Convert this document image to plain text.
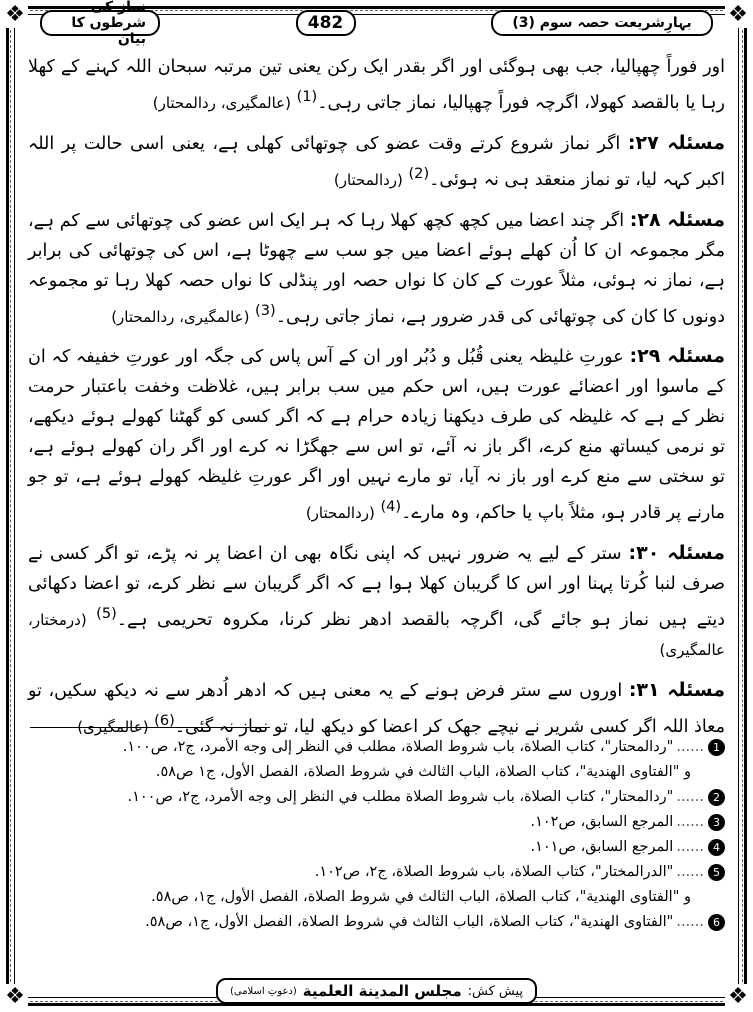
❖	❖
❖	❖
نماز کی شرطوں کا بیان
482	بہارِشریعت حصہ سوم (3)

اور فوراً چھپالیا، جب بھی ہوگئی اور اگر بقدر ایک رکن یعنی تین مرتبہ سبحان اللہ کہنے کے کھلا رہا یا بالقصد کھولا، اگرچہ فوراً چھپالیا، نماز جاتی رہی۔$^{(1)}$ (عالمگیری، ردالمحتار)

مسئلہ ۲۷: اگر نماز شروع کرتے وقت عضو کی چوتھائی کھلی ہے، یعنی اسی حالت پر اللہ اکبر کہہ لیا، تو نماز منعقد ہی نہ ہوئی۔$^{(2)}$ (ردالمحتار)

مسئلہ ۲۸: اگر چند اعضا میں کچھ کچھ کھلا رہا کہ ہر ایک اس عضو کی چوتھائی سے کم ہے، مگر مجموعہ ان کا اُن کھلے ہوئے اعضا میں جو سب سے چھوٹا ہے، اس کی چوتھائی کی برابر ہے، نماز نہ ہوئی، مثلاً عورت کے کان کا نواں حصہ اور پنڈلی کا نواں حصہ کھلا رہا تو مجموعہ دونوں کا کان کی چوتھائی کی قدر ضرور ہے، نماز جاتی رہی۔$^{(3)}$ (عالمگیری، ردالمحتار)

مسئلہ ۲۹: عورتِ غلیظہ یعنی قُبُل و دُبُر اور ان کے آس پاس کی جگہ اور عورتِ خفیفہ کہ ان کے ماسوا اور اعضائے عورت ہیں، اس حکم میں سب برابر ہیں، غلاظت وخفت باعتبار حرمت نظر کے ہے کہ غلیظہ کی طرف دیکھنا زیادہ حرام ہے کہ اگر کسی کو گھٹنا کھولے ہوئے دیکھے، تو نرمی کیساتھ منع کرے، اگر باز نہ آئے، تو اس سے جھگڑا نہ کرے اور اگر ران کھولے ہوئے ہے، تو سختی سے منع کرے اور باز نہ آیا، تو مارے نہیں اور اگر عورتِ غلیظہ کھولے ہوئے ہے، تو جو مارنے پر قادر ہو، مثلاً باپ یا حاکم، وہ مارے۔$^{(4)}$ (ردالمحتار)

مسئلہ ۳۰: ستر کے لیے یہ ضرور نہیں کہ اپنی نگاہ بھی ان اعضا پر نہ پڑے، تو اگر کسی نے صرف لنبا کُرتا پہنا اور اس کا گریبان کھلا ہوا ہے کہ اگر گریبان سے نظر کرے، تو اعضا دکھائی دیتے ہیں نماز ہو جائے گی، اگرچہ بالقصد ادھر نظر کرنا، مکروہ تحریمی ہے۔$^{(5)}$ (درمختار، عالمگیری)

مسئلہ ۳۱: اوروں سے ستر فرض ہونے کے یہ معنی ہیں کہ ادھر اُدھر سے نہ دیکھ سکیں، تو معاذ اللہ اگر کسی شریر نے نیچے جھک کر اعضا کو دیکھ لیا، تو نماز نہ گئی۔$^{(6)}$ (عالمگیری)

1
......
"ردالمحتار"، كتاب الصلاة، باب شروط الصلاة، مطلب في النظر إلى وجه الأمرد، ج٢، ص١٠٠.
و "الفتاوى الهندية"، كتاب الصلاة، الباب الثالث في شروط الصلاة، الفصل الأول، ج١ ص٥٨.
2
......
"ردالمحتار"، كتاب الصلاة، باب شروط الصلاة مطلب في النظر إلى وجه الأمرد، ج٢، ص١٠٠.
3
......
المرجع السابق، ص١٠٢.
4
......
المرجع السابق، ص١٠١.
5
......
"الدرالمختار"، كتاب الصلاة، باب شروط الصلاة، ج٢، ص١٠٢.
و "الفتاوى الهندية"، كتاب الصلاة، الباب الثالث في شروط الصلاة، الفصل الأول، ج١، ص٥٨.
6
......
"الفتاوى الهندية"، كتاب الصلاة، الباب الثالث في شروط الصلاة، الفصل الأول، ج١، ص٥٨.
پیش کش:
مجلس المدينة العلمية
(دعوتِ اسلامی)
